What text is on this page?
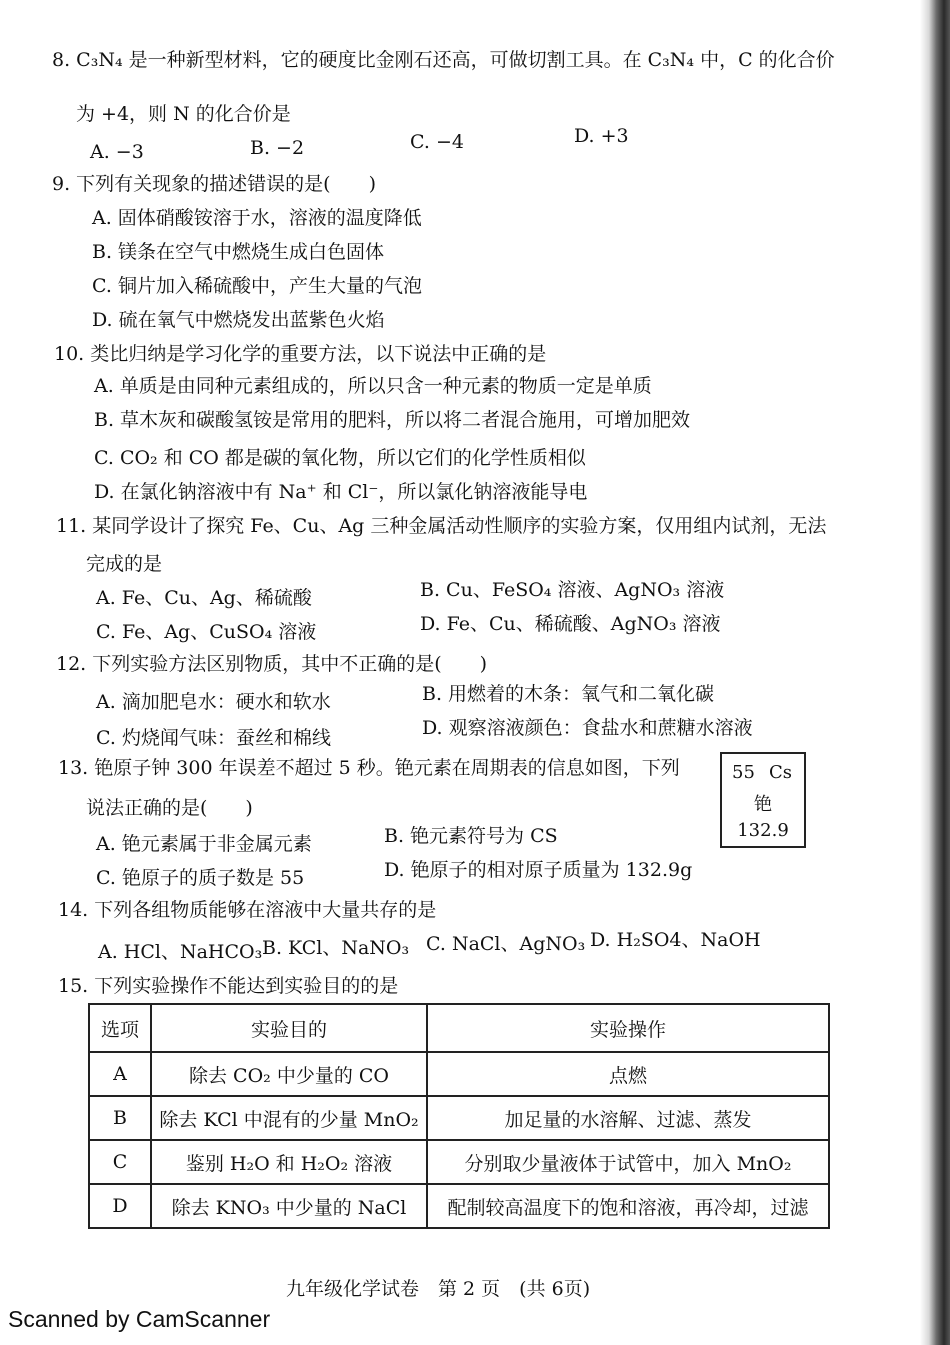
8. C₃N₄ 是一种新型材料，它的硬度比金刚石还高，可做切割工具。在 C₃N₄ 中，C 的化合价
为 +4，则 N 的化合价是
A. −3	B. −2	C. −4	D. +3
9. 下列有关现象的描述错误的是(　　)
A. 固体硝酸铵溶于水，溶液的温度降低
B. 镁条在空气中燃烧生成白色固体
C. 铜片加入稀硫酸中，产生大量的气泡
D. 硫在氧气中燃烧发出蓝紫色火焰
10. 类比归纳是学习化学的重要方法，以下说法中正确的是
A. 单质是由同种元素组成的，所以只含一种元素的物质一定是单质
B. 草木灰和碳酸氢铵是常用的肥料，所以将二者混合施用，可增加肥效
C. CO₂ 和 CO 都是碳的氧化物，所以它们的化学性质相似
D. 在氯化钠溶液中有 Na⁺ 和 Cl⁻，所以氯化钠溶液能导电
11. 某同学设计了探究 Fe、Cu、Ag 三种金属活动性顺序的实验方案，仅用组内试剂，无法
完成的是
A. Fe、Cu、Ag、稀硫酸	B. Cu、FeSO₄ 溶液、AgNO₃ 溶液
C. Fe、Ag、CuSO₄ 溶液	D. Fe、Cu、稀硫酸、AgNO₃ 溶液
12. 下列实验方法区别物质，其中不正确的是(　　)
A. 滴加肥皂水：硬水和软水	B. 用燃着的木条：氧气和二氧化碳
C. 灼烧闻气味：蚕丝和棉线	D. 观察溶液颜色：食盐水和蔗糖水溶液
13. 铯原子钟 300 年误差不超过 5 秒。铯元素在周期表的信息如图，下列
说法正确的是(　　)
A. 铯元素属于非金属元素	B. 铯元素符号为 CS
C. 铯原子的质子数是 55	D. 铯原子的相对原子质量为 132.9g
55 Cs
铯
132.9
14. 下列各组物质能够在溶液中大量共存的是
A. HCl、NaHCO₃ B. KCl、NaNO₃ C. NaCl、AgNO₃ D. H₂SO4、NaOH
15. 下列实验操作不能达到实验目的的是
选项	实验目的	实验操作
A	除去 CO₂ 中少量的 CO	点燃
B	除去 KCl 中混有的少量 MnO₂	加足量的水溶解、过滤、蒸发
C	鉴别 H₂O 和 H₂O₂ 溶液	分别取少量液体于试管中，加入 MnO₂
D	除去 KNO₃ 中少量的 NaCl	配制较高温度下的饱和溶液，再冷却，过滤
九年级化学试卷　第 2 页　(共 6页)
Scanned by CamScanner
